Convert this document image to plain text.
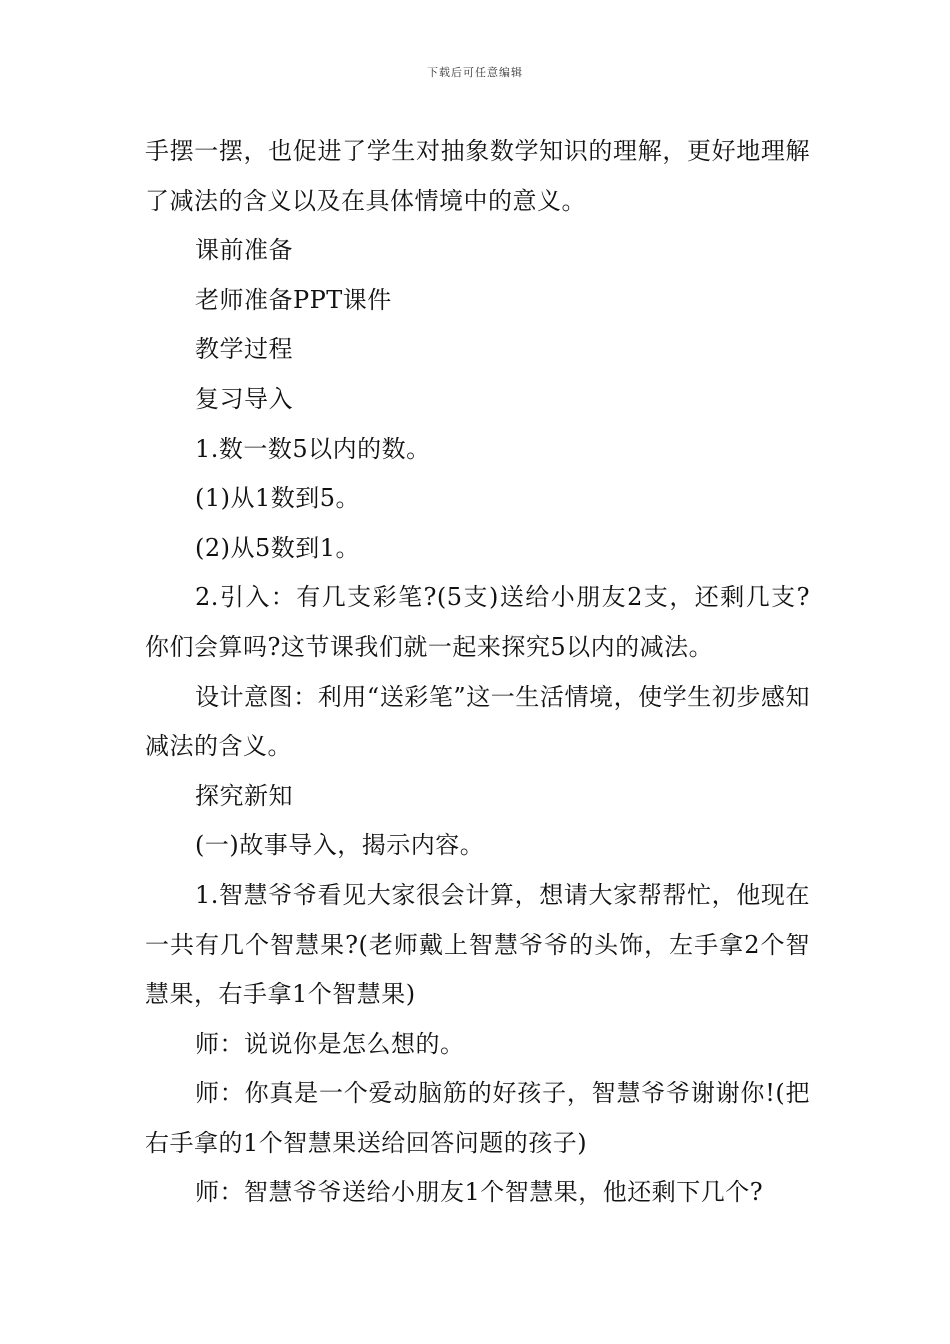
下载后可任意编辑

手摆一摆，也促进了学生对抽象数学知识的理解，更好地理解了减法的含义以及在具体情境中的意义。

课前准备

老师准备PPT课件

教学过程

复习导入

1.数一数5以内的数。

(1)从1数到5。

(2)从5数到1。

2.引入：有几支彩笔?(5支)送给小朋友2支，还剩几支?你们会算吗?这节课我们就一起来探究5以内的减法。

设计意图：利用“送彩笔”这一生活情境，使学生初步感知减法的含义。

探究新知

(一)故事导入，揭示内容。

1.智慧爷爷看见大家很会计算，想请大家帮帮忙，他现在一共有几个智慧果?(老师戴上智慧爷爷的头饰，左手拿2个智慧果，右手拿1个智慧果)

师：说说你是怎么想的。

师：你真是一个爱动脑筋的好孩子，智慧爷爷谢谢你!(把右手拿的1个智慧果送给回答问题的孩子)

师：智慧爷爷送给小朋友1个智慧果，他还剩下几个?
